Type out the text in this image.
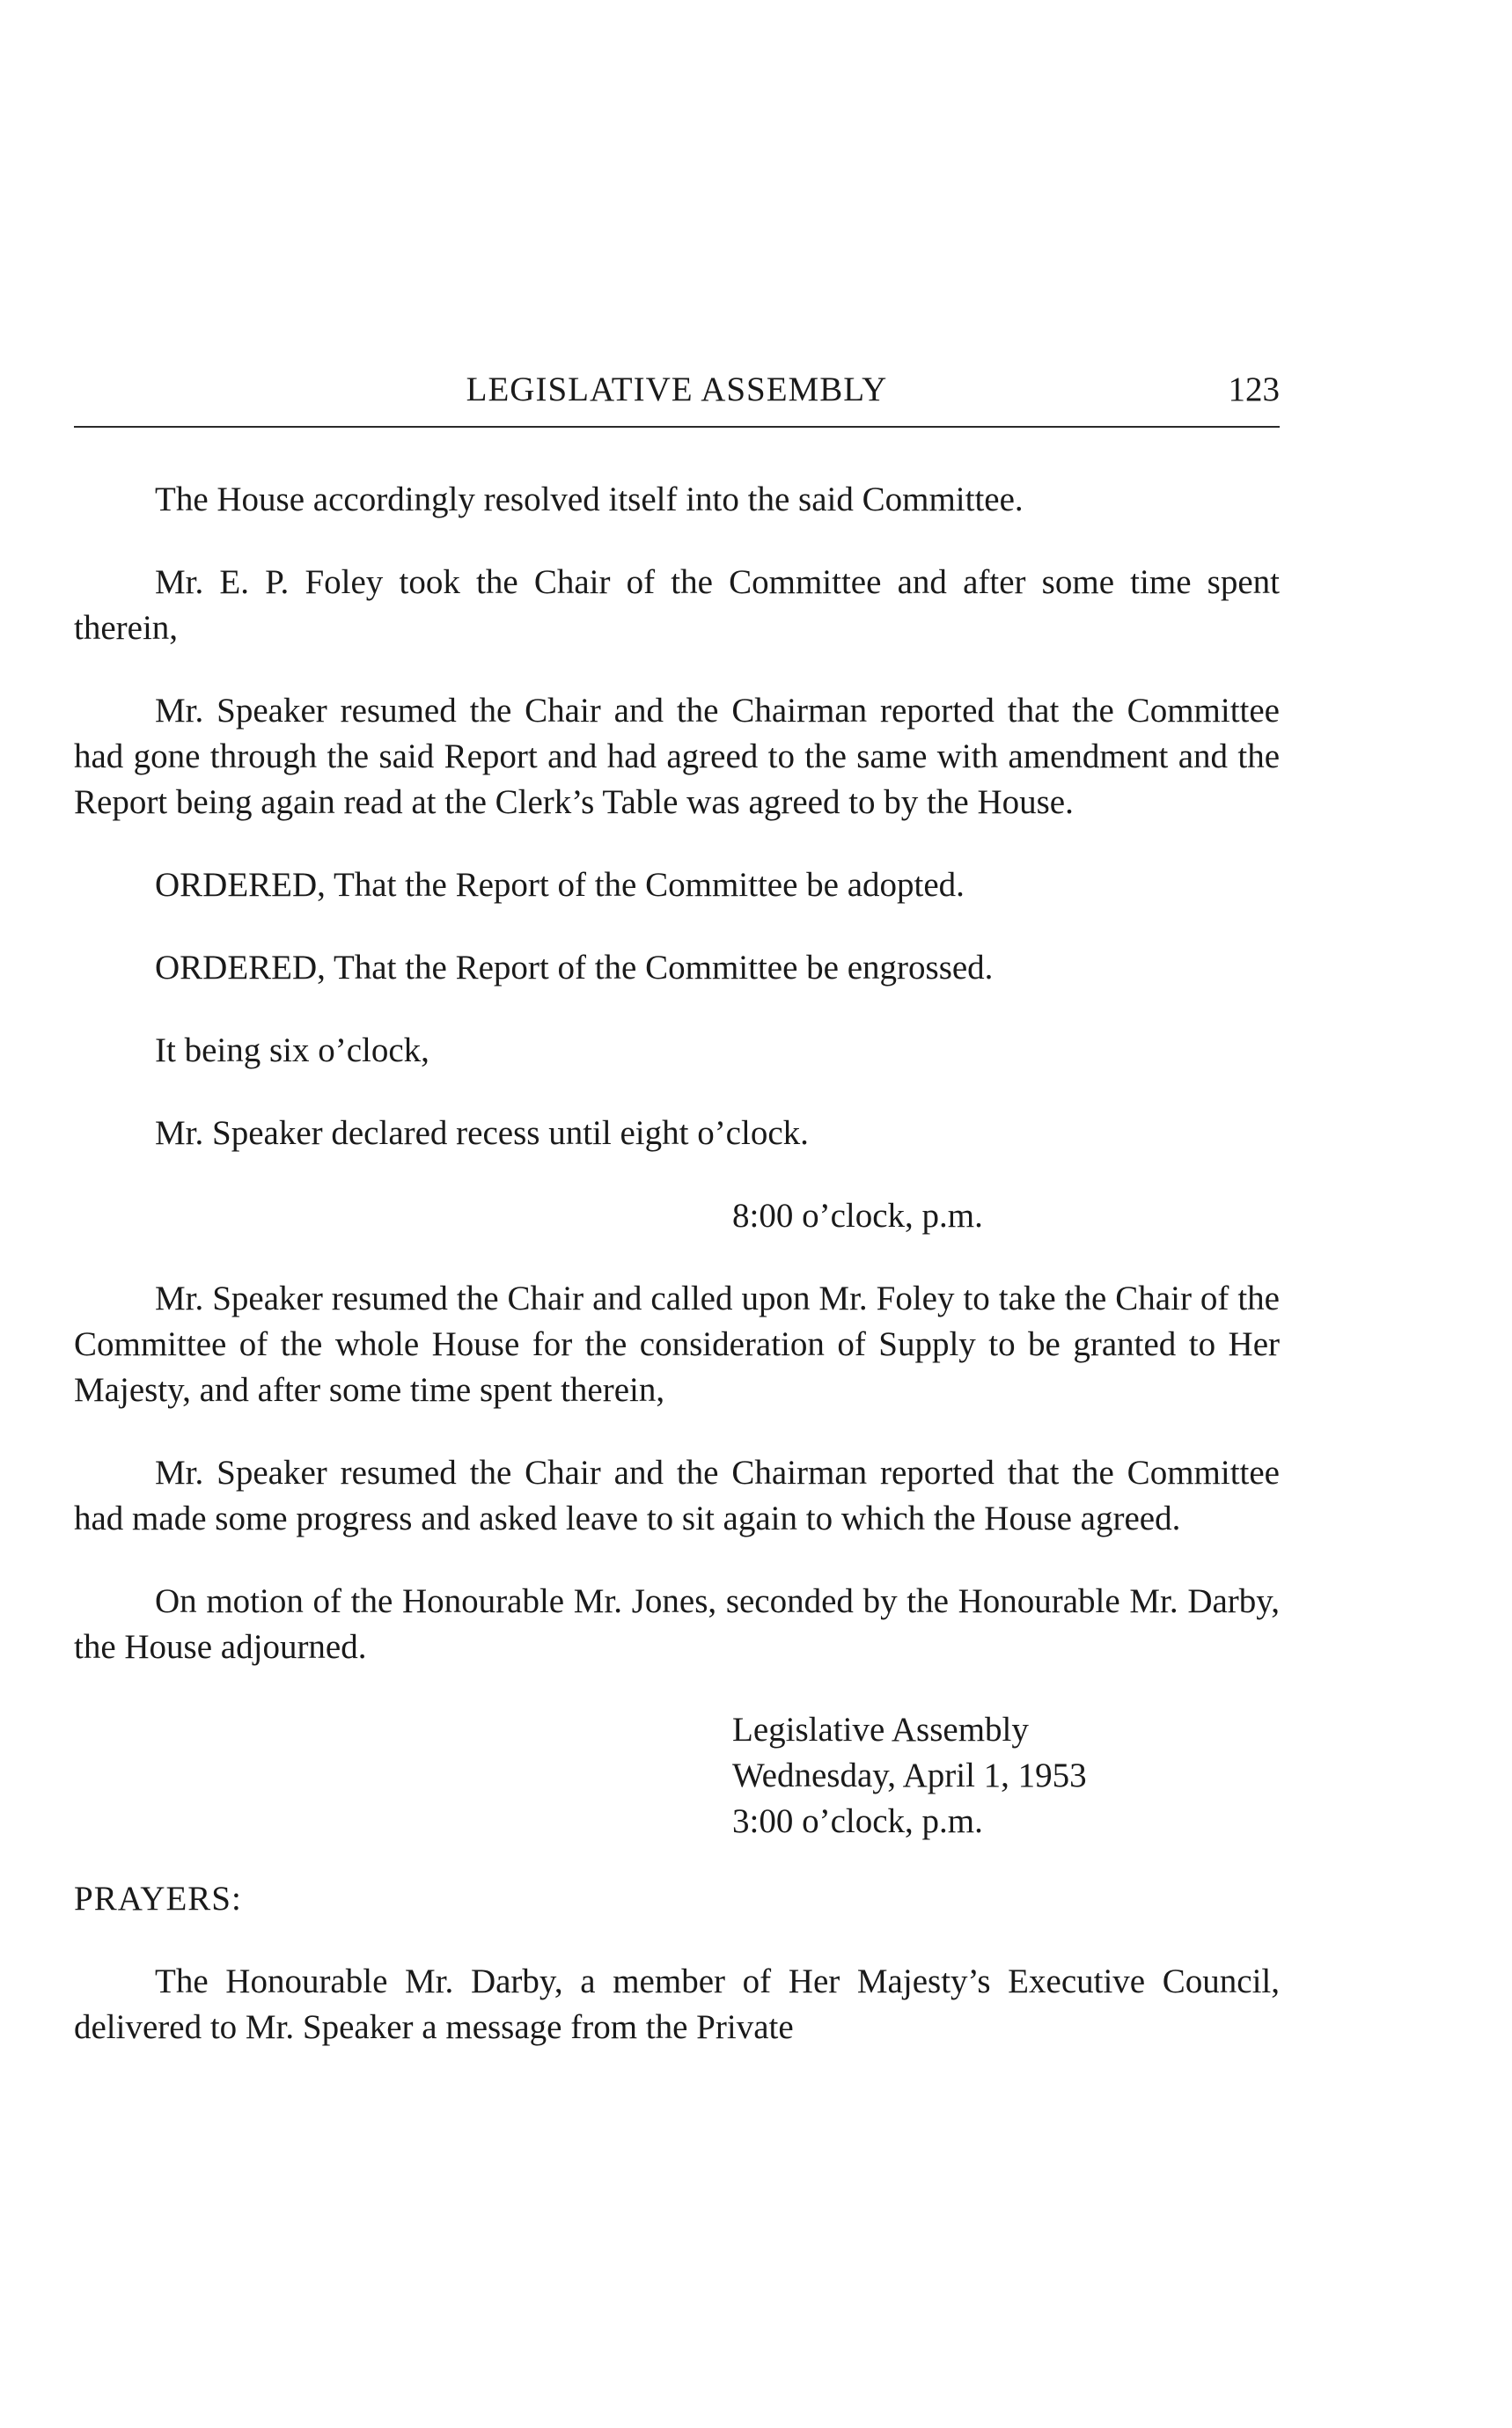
LEGISLATIVE ASSEMBLY	123

The House accordingly resolved itself into the said Committee.

Mr. E. P. Foley took the Chair of the Committee and after some time spent therein,

Mr. Speaker resumed the Chair and the Chairman reported that the Committee had gone through the said Report and had agreed to the same with amendment and the Report being again read at the Clerk’s Table was agreed to by the House.

ORDERED, That the Report of the Committee be adopted.

ORDERED, That the Report of the Committee be engrossed.

It being six o’clock,

Mr. Speaker declared recess until eight o’clock.

8:00 o’clock, p.m.

Mr. Speaker resumed the Chair and called upon Mr. Foley to take the Chair of the Committee of the whole House for the consideration of Supply to be granted to Her Majesty, and after some time spent therein,

Mr. Speaker resumed the Chair and the Chairman reported that the Committee had made some progress and asked leave to sit again to which the House agreed.

On motion of the Honourable Mr. Jones, seconded by the Honourable Mr. Darby, the House adjourned.

Legislative Assembly
Wednesday, April 1, 1953
3:00 o’clock, p.m.

PRAYERS:

The Honourable Mr. Darby, a member of Her Majesty’s Executive Council, delivered to Mr. Speaker a message from the Private
